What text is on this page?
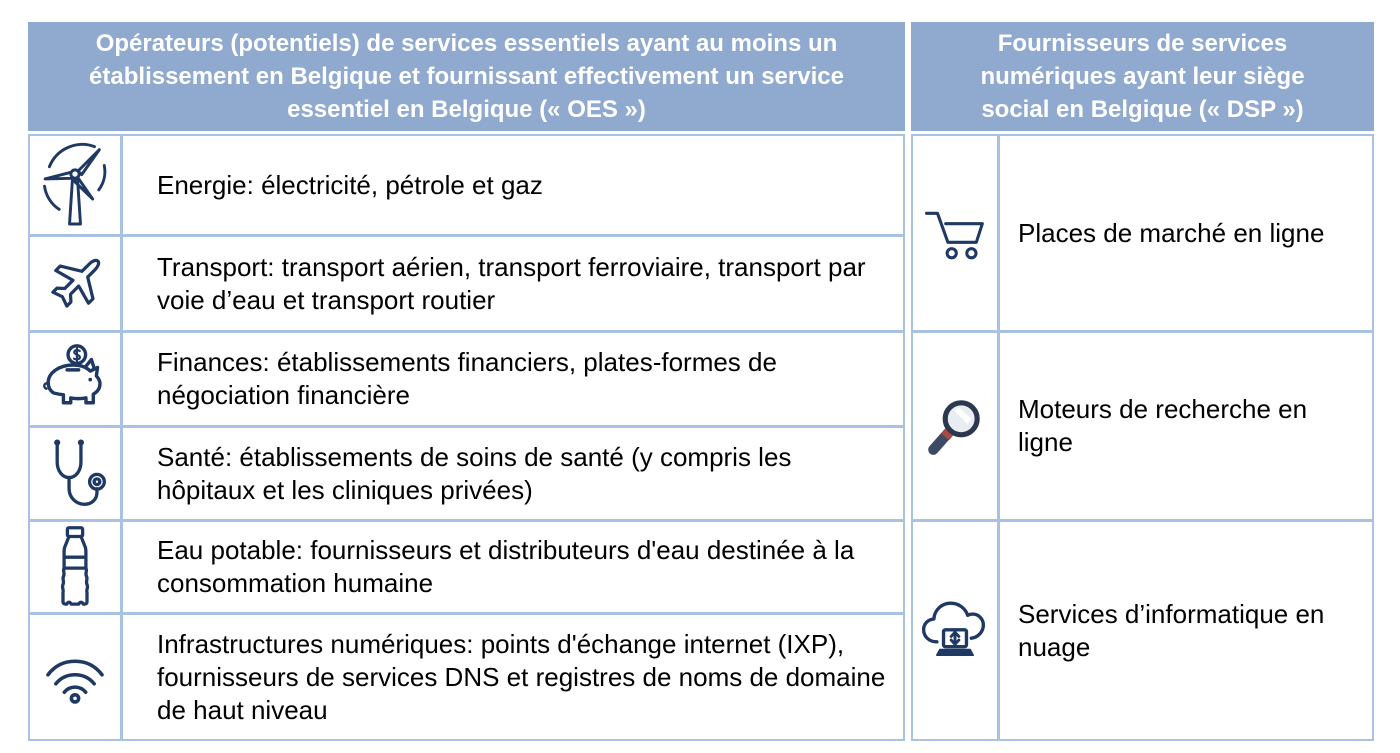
Opérateurs (potentiels) de services essentiels ayant au moins un établissement en Belgique et fournissant effectivement un service essentiel en Belgique (« OES »)
Energie: électricité, pétrole et gaz
Transport: transport aérien, transport ferroviaire, transport par voie d’eau et transport routier
Finances: établissements financiers, plates-formes de négociation financière
Santé: établissements de soins de santé (y compris les hôpitaux et les cliniques privées)
Eau potable: fournisseurs et distributeurs d'eau destinée à la consommation humaine
Infrastructures numériques: points d'échange internet (IXP), fournisseurs de services DNS et registres de noms de domaine de haut niveau
Fournisseurs de services numériques ayant leur siège social en Belgique (« DSP »)
Places de marché en ligne
Moteurs de recherche en ligne
Services d’informatique en nuage
